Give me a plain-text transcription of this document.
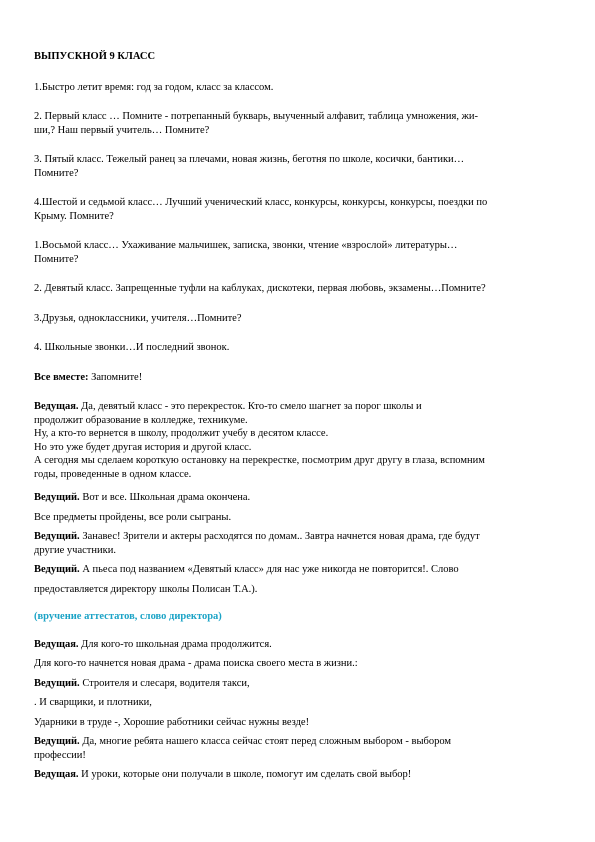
ВЫПУСКНОЙ 9 КЛАСС

1.Быстро летит время: год за годом, класс за классом.

2. Первый класс … Помните - потрепанный букварь, выученный алфавит, таблица умножения, жи-
ши,? Наш первый учитель… Помните?

3. Пятый класс. Тежелый ранец за плечами, новая жизнь, беготня по школе, косички, бантики…
Помните?

4.Шестой и седьмой класс… Лучший ученический класс, конкурсы, конкурсы, конкурсы, поездки по
Крыму. Помните?

1.Восьмой класс… Ухаживание мальчишек, записка, звонки, чтение «взрослой» литературы…
Помните?

2. Девятый класс. Запрещенные туфли на каблуках, дискотеки, первая любовь, экзамены…Помните?

3.Друзья, одноклассники, учителя…Помните?

4. Школьные звонки…И последний звонок.

Все вместе: Запомните!

Ведущая. Да, девятый класс - это перекресток. Кто-то смело шагнет за порог школы и
продолжит образование в колледже, техникуме.
Ну, а кто-то вернется в школу, продолжит учебу в десятом классе.
Но это уже будет другая история и другой класс.
А сегодня мы сделаем короткую остановку на перекрестке, посмотрим друг другу в глаза, вспомним
годы, проведенные в одном классе.

Ведущий. Вот и все. Школьная драма окончена.
Все предметы пройдены, все роли сыграны.

Ведущий. Занавес! Зрители и актеры расходятся по домам.. Завтра начнется новая драма, где будут
другие участники.

Ведущий. А пьеса под названием «Девятый класс» для нас уже никогда не повторится!. Слово
предоставляется директору школы Полисан Т.А.).

(вручение аттестатов, слово директора)

Ведущая. Для кого-то школьная драма продолжится.
Для кого-то начнется новая драма - драма поиска своего места в жизни.:

Ведущий. Строителя и слесаря, водителя такси,
. И сварщики, и плотники,
Ударники в труде -, Хорошие работники сейчас нужны везде!

Ведущий. Да, многие ребята нашего класса сейчас стоят перед сложным выбором - выбором
профессии!

Ведущая. И уроки, которые они получали в школе, помогут им сделать свой выбор!
